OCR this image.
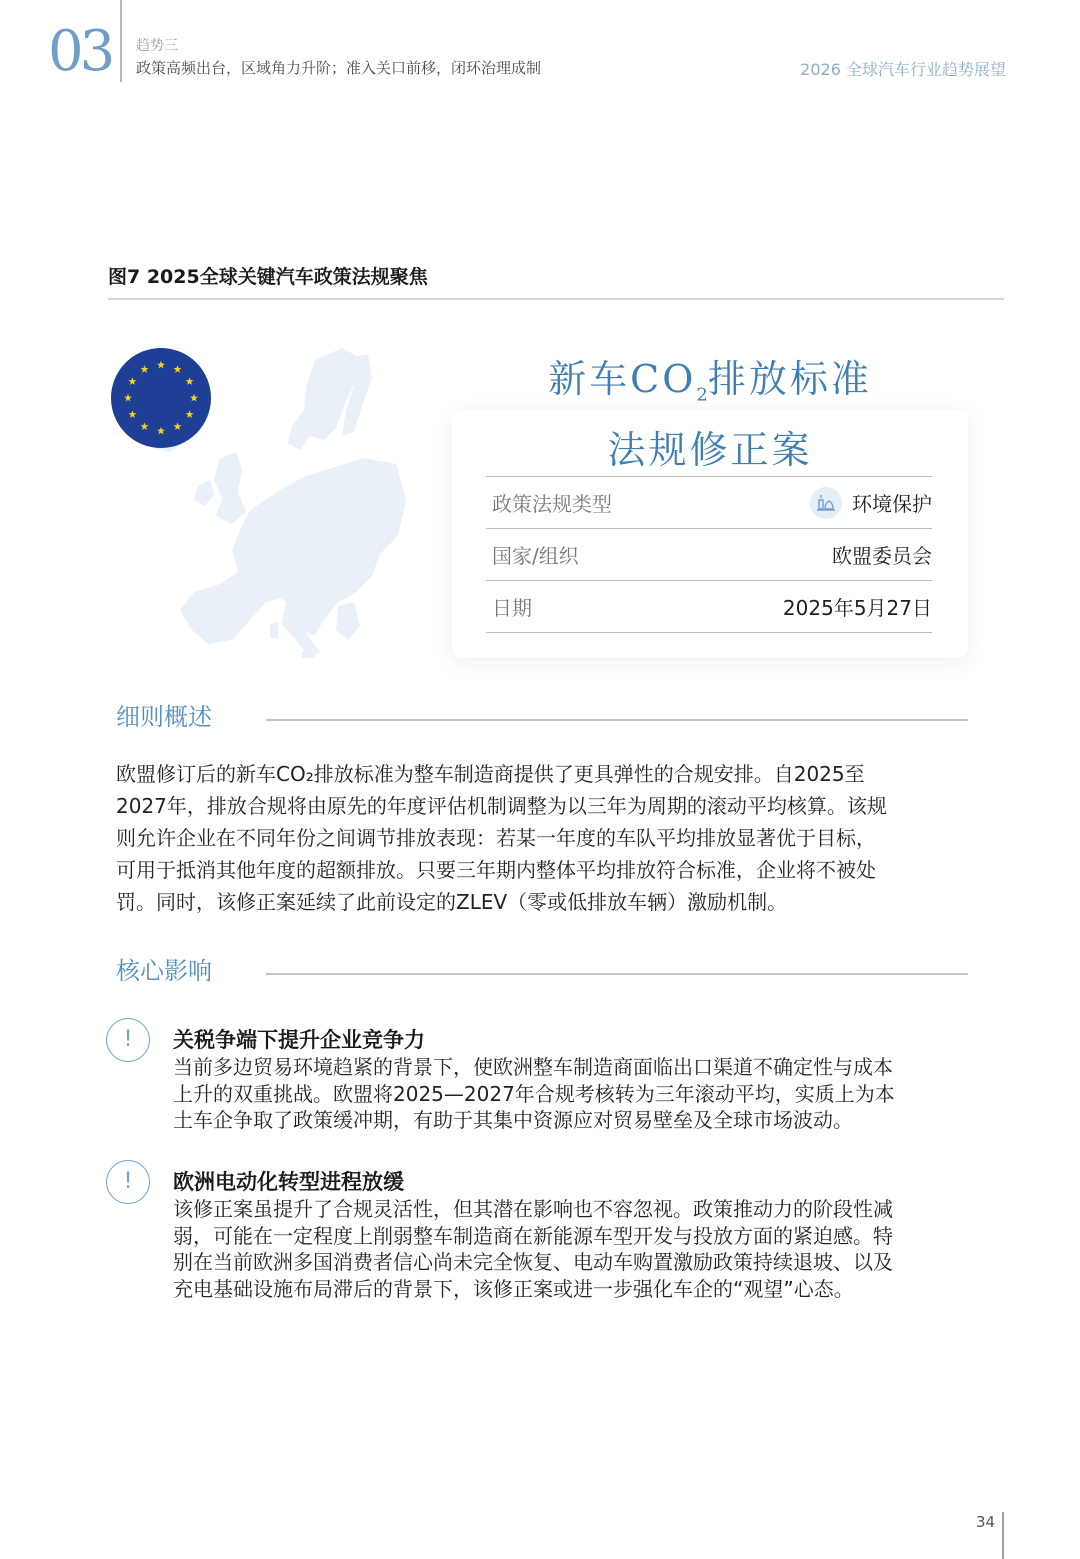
03 趋势三
政策高频出台，区域角力升阶；准入关口前移，闭环治理成制	2026 全球汽车行业趋势展望
图7 2025全球关键汽车政策法规聚焦
新车$CO_2$排放标准
法规修正案
政策法规类型	环境保护
国家/组织	欧盟委员会
日期	2025年5月27日
细则概述
欧盟修订后的新车CO₂排放标准为整车制造商提供了更具弹性的合规安排。自2025至
2027年，排放合规将由原先的年度评估机制调整为以三年为周期的滚动平均核算。该规
则允许企业在不同年份之间调节排放表现：若某一年度的车队平均排放显著优于目标，
可用于抵消其他年度的超额排放。只要三年期内整体平均排放符合标准，企业将不被处
罚。同时，该修正案延续了此前设定的ZLEV（零或低排放车辆）激励机制。
核心影响
!	关税争端下提升企业竞争力
当前多边贸易环境趋紧的背景下，使欧洲整车制造商面临出口渠道不确定性与成本
上升的双重挑战。欧盟将2025—2027年合规考核转为三年滚动平均，实质上为本
土车企争取了政策缓冲期，有助于其集中资源应对贸易壁垒及全球市场波动。
!	欧洲电动化转型进程放缓
该修正案虽提升了合规灵活性，但其潜在影响也不容忽视。政策推动力的阶段性减
弱，可能在一定程度上削弱整车制造商在新能源车型开发与投放方面的紧迫感。特
别在当前欧洲多国消费者信心尚未完全恢复、电动车购置激励政策持续退坡、以及
充电基础设施布局滞后的背景下，该修正案或进一步强化车企的“观望”心态。
34
